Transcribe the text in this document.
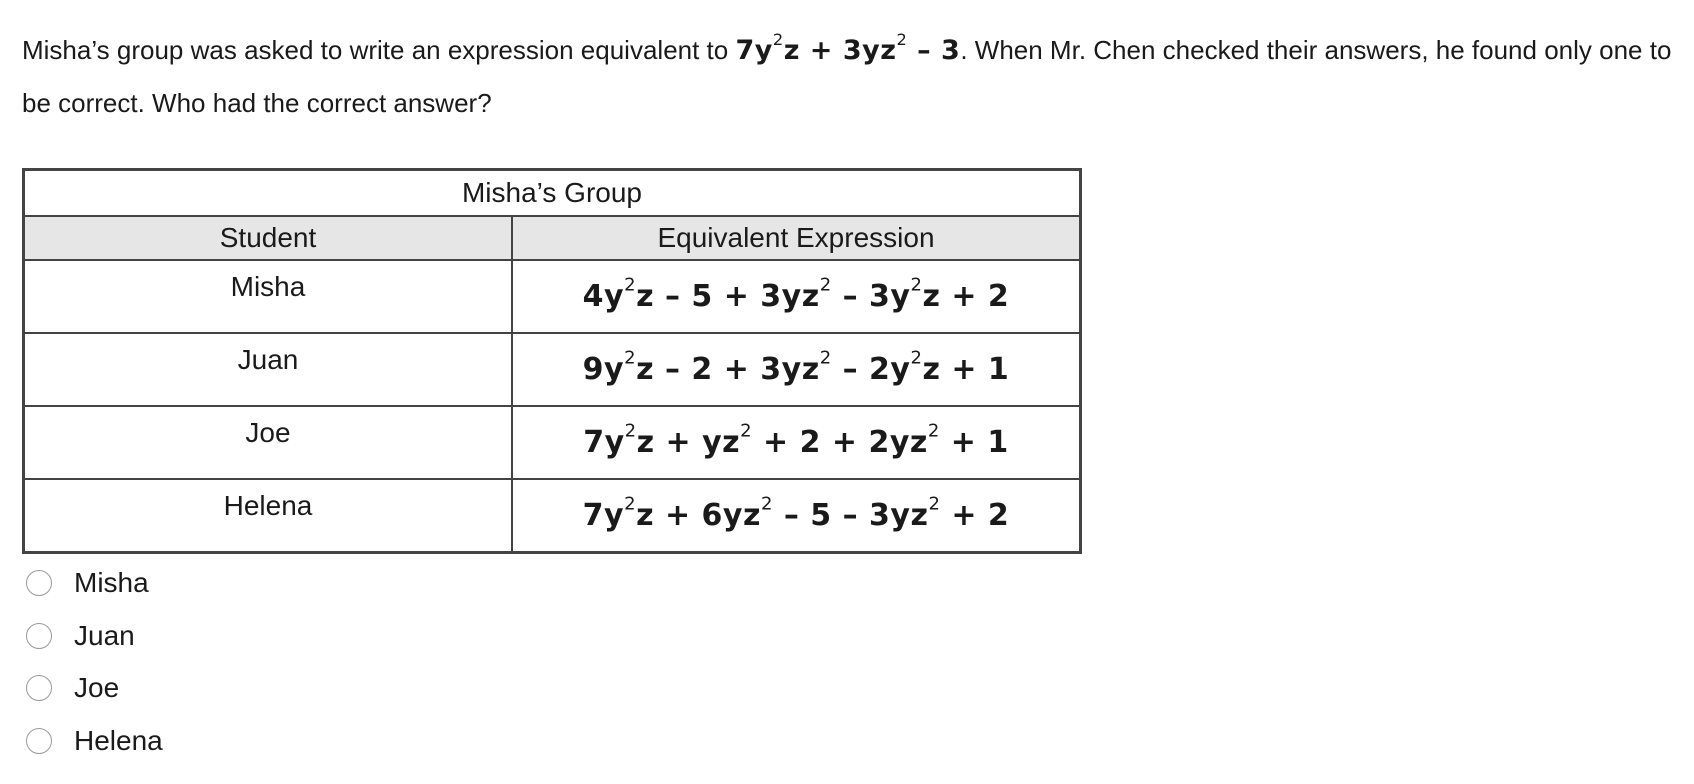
Misha’s group was asked to write an expression equivalent to $7y^2z + 3yz^2 - 3$. When Mr. Chen checked their answers, he found only one to be correct. Who had the correct answer?
Misha’s Group	
Student	Equivalent Expression
Misha	$4y^2z - 5 + 3yz^2 - 3y^2z + 2$
Juan	$9y^2z - 2 + 3yz^2 - 2y^2z + 1$
Joe	$7y^2z + yz^2 + 2 + 2yz^2 + 1$
Helena	$7y^2z + 6yz^2 - 5 - 3yz^2 + 2$
Misha
Juan
Joe
Helena
